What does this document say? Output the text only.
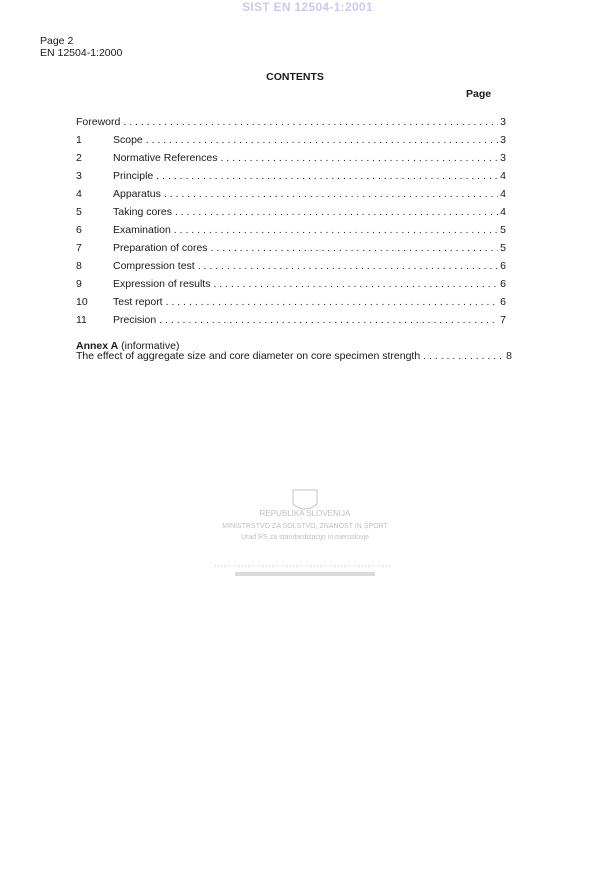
SIST EN 12504-1:2001
Page 2
EN 12504-1:2000
CONTENTS
Page
Foreword . . .	3
1	Scope . . .	3
2	Normative References . . .	3
3	Principle . . .	4
4	Apparatus . . .	4
5	Taking cores . . .	4
6	Examination . . .	5
7	Preparation of cores . . .	5
8	Compression test . . .	6
9	Expression of results . . .	6
10	Test report . . .	6
11	Precision . . .	7
Annex A (informative)
The effect of aggregate size and core diameter on core specimen strength . . .	8
REPUBLIKA SLOVENIJA
MINISTRSTVO ZA ŠOLSTVO, ZNANOST IN ŠPORT
Urad RS za standardizacijo in meroslovje
